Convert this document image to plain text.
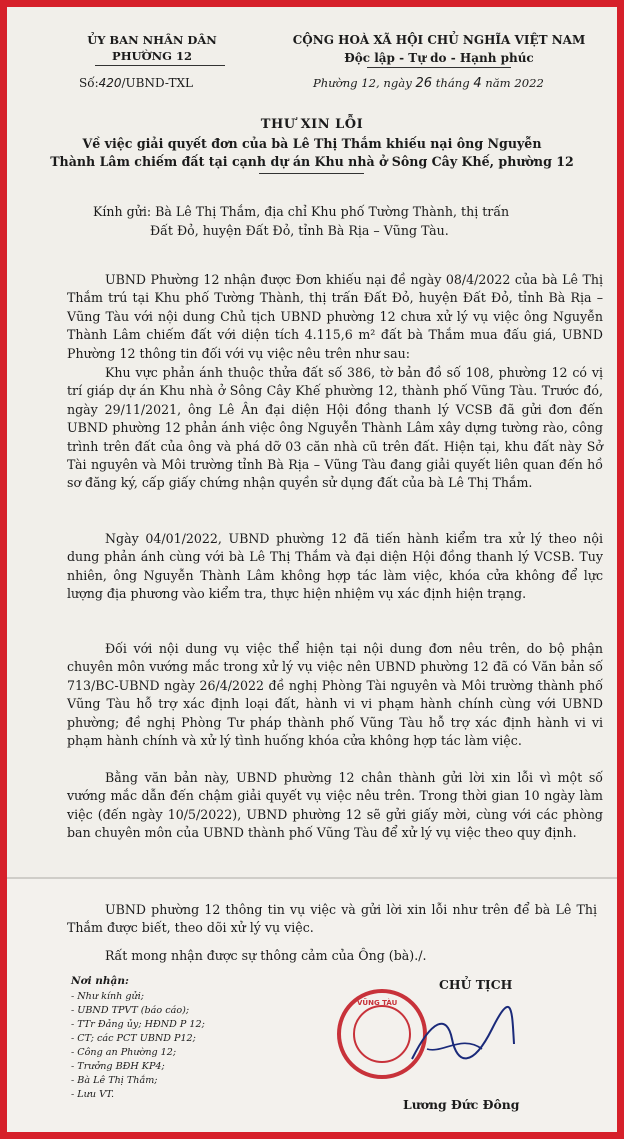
ỦY BAN NHÂN DÂN
PHƯỜNG 12
Số:420/UBND-TXL
CỘNG HOÀ XÃ HỘI CHỦ NGHĨA VIỆT NAM
Độc lập - Tự do - Hạnh phúc
Phường 12, ngày 26 tháng 4 năm 2022
THƯ XIN LỖI
Về việc giải quyết đơn của bà Lê Thị Thắm khiếu nại ông Nguyễn
Thành Lâm chiếm đất tại cạnh dự án Khu nhà ở Sông Cây Khế, phường 12
Kính gửi: Bà Lê Thị Thắm, địa chỉ Khu phố Tường Thành, thị trấn
Đất Đỏ, huyện Đất Đỏ, tỉnh Bà Rịa – Vũng Tàu.
UBND Phường 12 nhận được Đơn khiếu nại đề ngày 08/4/2022 của bà Lê Thị Thắm trú tại Khu phố Tường Thành, thị trấn Đất Đỏ, huyện Đất Đỏ, tỉnh Bà Rịa – Vũng Tàu với nội dung Chủ tịch UBND phường 12 chưa xử lý vụ việc ông Nguyễn Thành Lâm chiếm đất với diện tích 4.115,6 m² đất bà Thắm mua đấu giá, UBND Phường 12 thông tin đối với vụ việc nêu trên như sau:
Khu vực phản ánh thuộc thửa đất số 386, tờ bản đồ số 108, phường 12 có vị trí giáp dự án Khu nhà ở Sông Cây Khế phường 12, thành phố Vũng Tàu. Trước đó, ngày 29/11/2021, ông Lê Ân đại diện Hội đồng thanh lý VCSB đã gửi đơn đến UBND phường 12 phản ánh việc ông Nguyễn Thành Lâm xây dựng tường rào, công trình trên đất của ông và phá dỡ 03 căn nhà cũ trên đất. Hiện tại, khu đất này Sở Tài nguyên và Môi trường tỉnh Bà Rịa – Vũng Tàu đang giải quyết liên quan đến hồ sơ đăng ký, cấp giấy chứng nhận quyền sử dụng đất của bà Lê Thị Thắm.
Ngày 04/01/2022, UBND phường 12 đã tiến hành kiểm tra xử lý theo nội dung phản ánh cùng với bà Lê Thị Thắm và đại diện Hội đồng thanh lý VCSB. Tuy nhiên, ông Nguyễn Thành Lâm không hợp tác làm việc, khóa cửa không để lực lượng địa phương vào kiểm tra, thực hiện nhiệm vụ xác định hiện trạng.
Đối với nội dung vụ việc thể hiện tại nội dung đơn nêu trên, do bộ phận chuyên môn vướng mắc trong xử lý vụ việc nên UBND phường 12 đã có Văn bản số 713/BC-UBND ngày 26/4/2022 đề nghị Phòng Tài nguyên và Môi trường thành phố Vũng Tàu hỗ trợ xác định loại đất, hành vi vi phạm hành chính cùng với UBND phường; đề nghị Phòng Tư pháp thành phố Vũng Tàu hỗ trợ xác định hành vi vi phạm hành chính và xử lý tình huống khóa cửa không hợp tác làm việc.
Bằng văn bản này, UBND phường 12 chân thành gửi lời xin lỗi vì một số vướng mắc dẫn đến chậm giải quyết vụ việc nêu trên. Trong thời gian 10 ngày làm việc (đến ngày 10/5/2022), UBND phường 12 sẽ gửi giấy mời, cùng với các phòng ban chuyên môn của UBND thành phố Vũng Tàu để xử lý vụ việc theo quy định.
UBND phường 12 thông tin vụ việc và gửi lời xin lỗi như trên để bà Lê Thị Thắm được biết, theo dõi xử lý vụ việc.
Rất mong nhận được sự thông cảm của Ông (bà)./.
Nơi nhận:
- Như kính gửi;
- UBND TPVT (báo cáo);
- TTr Đảng ủy; HĐND P 12;
- CT; các PCT UBND P12;
- Công an Phường 12;
- Trưởng BĐH KP4;
- Bà Lê Thị Thắm;
- Lưu VT.
CHỦ TỊCH
VŨNG TÀU
Lương Đức Đông
